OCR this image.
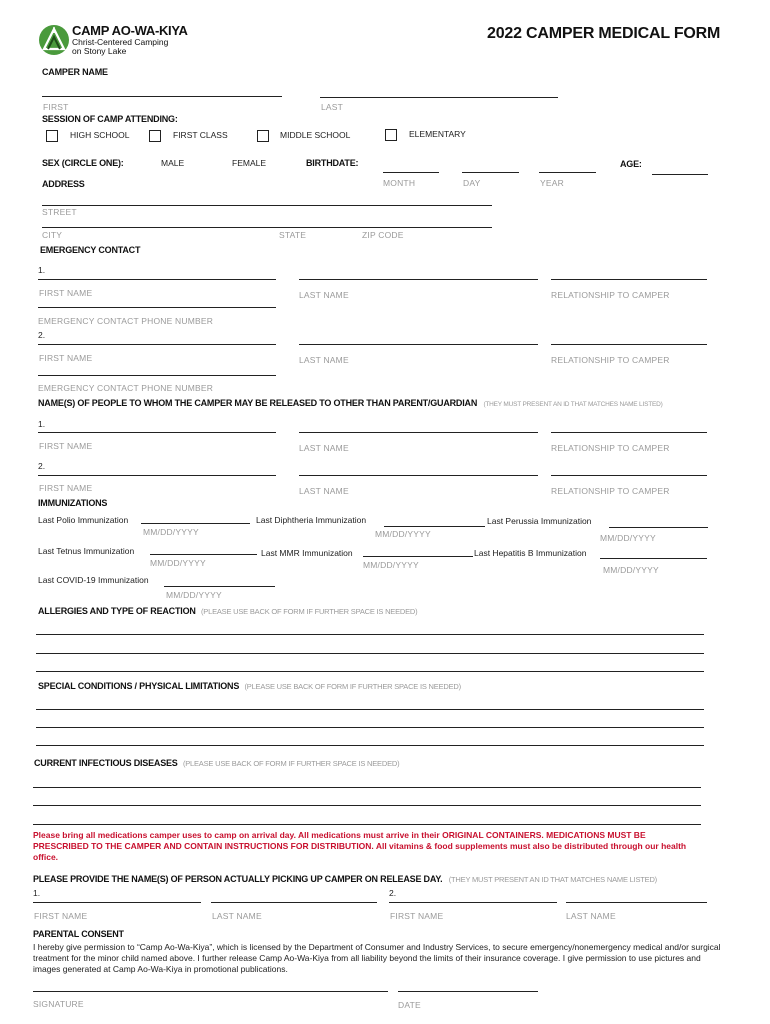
CAMP AO-WA-KIYA
Christ-Centered Camping
on Stony Lake
2022 CAMPER MEDICAL FORM
CAMPER NAME
FIRST	LAST
SESSION OF CAMP ATTENDING:
HIGH SCHOOL	FIRST CLASS	MIDDLE SCHOOL	ELEMENTARY
SEX (CIRCLE ONE):	MALE	FEMALE	BIRTHDATE:	AGE:
MONTH	DAY	YEAR
ADDRESS
STREET
CITY	STATE	ZIP CODE
EMERGENCY CONTACT
1.
FIRST NAME	LAST NAME	RELATIONSHIP TO CAMPER
EMERGENCY CONTACT PHONE NUMBER
2.
FIRST NAME	LAST NAME	RELATIONSHIP TO CAMPER
EMERGENCY CONTACT PHONE NUMBER
NAME(S) OF PEOPLE TO WHOM THE CAMPER MAY BE RELEASED TO OTHER THAN PARENT/GUARDIAN (THEY MUST PRESENT AN ID THAT MATCHES NAME LISTED)
1.
FIRST NAME	LAST NAME	RELATIONSHIP TO CAMPER
2.
FIRST NAME	LAST NAME	RELATIONSHIP TO CAMPER
IMMUNIZATIONS
Last Polio Immunization
MM/DD/YYYY
Last Diphtheria Immunization
MM/DD/YYYY
Last Perussia Immunization
MM/DD/YYYY
Last Tetnus Immunization
MM/DD/YYYY
Last MMR Immunization
MM/DD/YYYY
Last Hepatitis B Immunization
MM/DD/YYYY
Last COVID-19 Immunization
MM/DD/YYYY
ALLERGIES AND TYPE OF REACTION (PLEASE USE BACK OF FORM IF FURTHER SPACE IS NEEDED)
SPECIAL CONDITIONS / PHYSICAL LIMITATIONS (PLEASE USE BACK OF FORM IF FURTHER SPACE IS NEEDED)
CURRENT INFECTIOUS DISEASES (PLEASE USE BACK OF FORM IF FURTHER SPACE IS NEEDED)
Please bring all medications camper uses to camp on arrival day. All medications must arrive in their ORIGINAL CONTAINERS. MEDICATIONS MUST BE PRESCRIBED TO THE CAMPER AND CONTAIN INSTRUCTIONS FOR DISTRIBUTION. All vitamins & food supplements must also be distributed through our health office.
PLEASE PROVIDE THE NAME(S) OF PERSON ACTUALLY PICKING UP CAMPER ON RELEASE DAY. (THEY MUST PRESENT AN ID THAT MATCHES NAME LISTED)
1.	2.
FIRST NAME	LAST NAME	FIRST NAME	LAST NAME
PARENTAL CONSENT
I hereby give permission to “Camp Ao-Wa-Kiya”, which is licensed by the Department of Consumer and Industry Services, to secure emergency/nonemergency medical and/or surgical treatment for the minor child named above. I further release Camp Ao-Wa-Kiya from all liability beyond the limits of their insurance coverage. I give permission to use pictures and images generated at Camp Ao-Wa-Kiya in promotional publications.
SIGNATURE	DATE
